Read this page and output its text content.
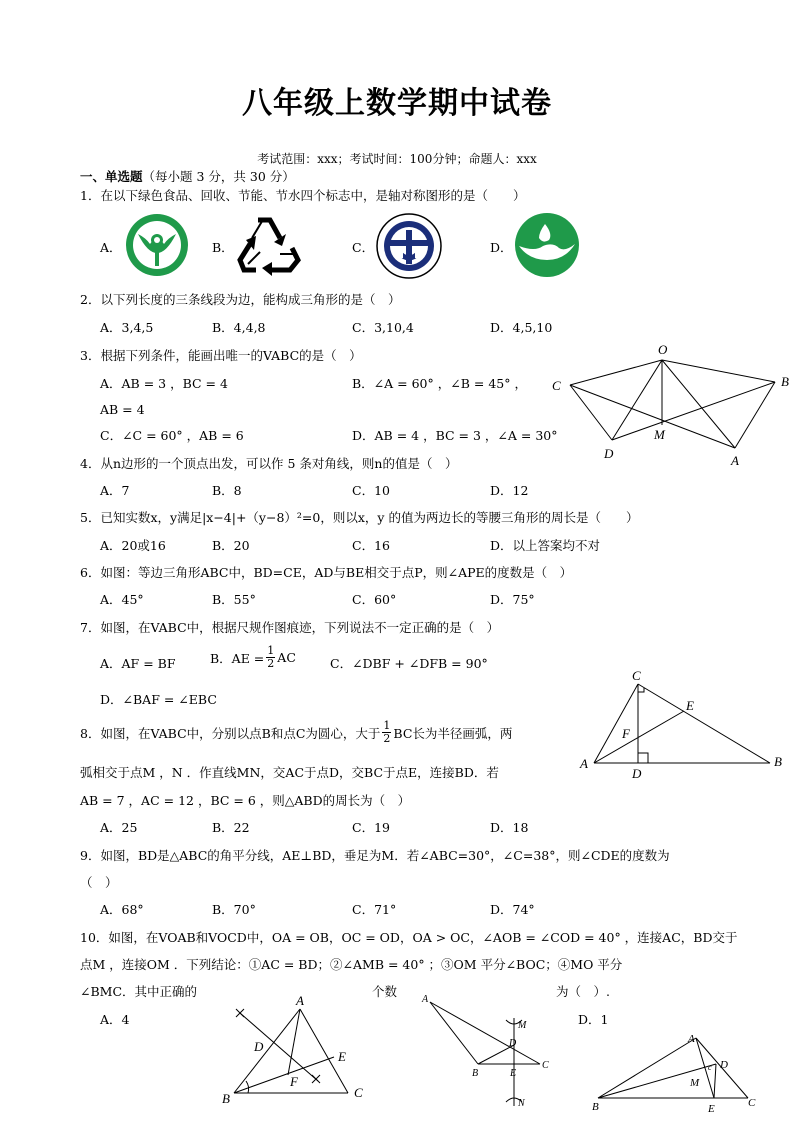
八年级上数学期中试卷
考试范围：xxx；考试时间：100分钟；命题人：xxx
一、单选题（每小题 3 分，共 30 分）
1．在以下绿色食品、回收、节能、节水四个标志中，是轴对称图形的是（　　）
A．	B．	C．	D．
2．以下列长度的三条线段为边，能构成三角形的是（　）
A．3,4,5	B．4,4,8	C．3,10,4	D．4,5,10
3．根据下列条件，能画出唯一的VABC的是（　）
A．AB = 3 ，BC = 4	B．∠A = 60° ，∠B = 45° ，
AB = 4
C．∠C = 60° ，AB = 6	D．AB = 4 ，BC = 3 ，∠A = 30°
O
C	B
M
D	A
4．从n边形的一个顶点出发，可以作 5 条对角线，则n的值是（　）
A．7	B．8	C．10	D．12
5．已知实数x，y满足|x−4|+（y−8）²=0，则以x，y 的值为两边长的等腰三角形的周长是（　　）
A．20或16	B．20	C．16	D．以上答案均不对
6．如图：等边三角形ABC中，BD=CE，AD与BE相交于点P，则∠APE的度数是（　）
A．45°	B．55°	C．60°	D．75°
7．如图，在VABC中，根据尺规作图痕迹，下列说法不一定正确的是（　）
A．AF = BF	B．AE = $\frac{1}{2}$ AC	C．∠DBF + ∠DFB = 90°
D．∠BAF = ∠EBC
C
E
F
A
D
B
8．如图，在VABC中，分别以点B和点C为圆心，大于 $\frac{1}{2}$ BC长为半径画弧，两
弧相交于点M ，N ．作直线MN，交AC于点D，交BC于点E，连接BD．若
AB = 7 ，AC = 12 ，BC = 6 ，则△ABD的周长为（　）
A．25	B．22	C．19	D．18
9．如图，BD是△ABC的角平分线，AE⊥BD，垂足为M．若∠ABC=30°，∠C=38°，则∠CDE的度数为
（　）
A．68°	B．70°	C．71°	D．74°
10．如图，在VOAB和VOCD中，OA = OB，OC = OD，OA > OC，∠AOB = ∠COD = 40° ，连接AC，BD交于
点M ，连接OM ．下列结论：①AC = BD；②∠AMB = 40° ；③OM 平分∠BOC；④MO 平分
∠BMC．其中正确的	个数	为（　）.
A．4	D．1
A
D
E
F
B	C
A
M
D
B	E
C
N
A
D
c
M
B	E	C
